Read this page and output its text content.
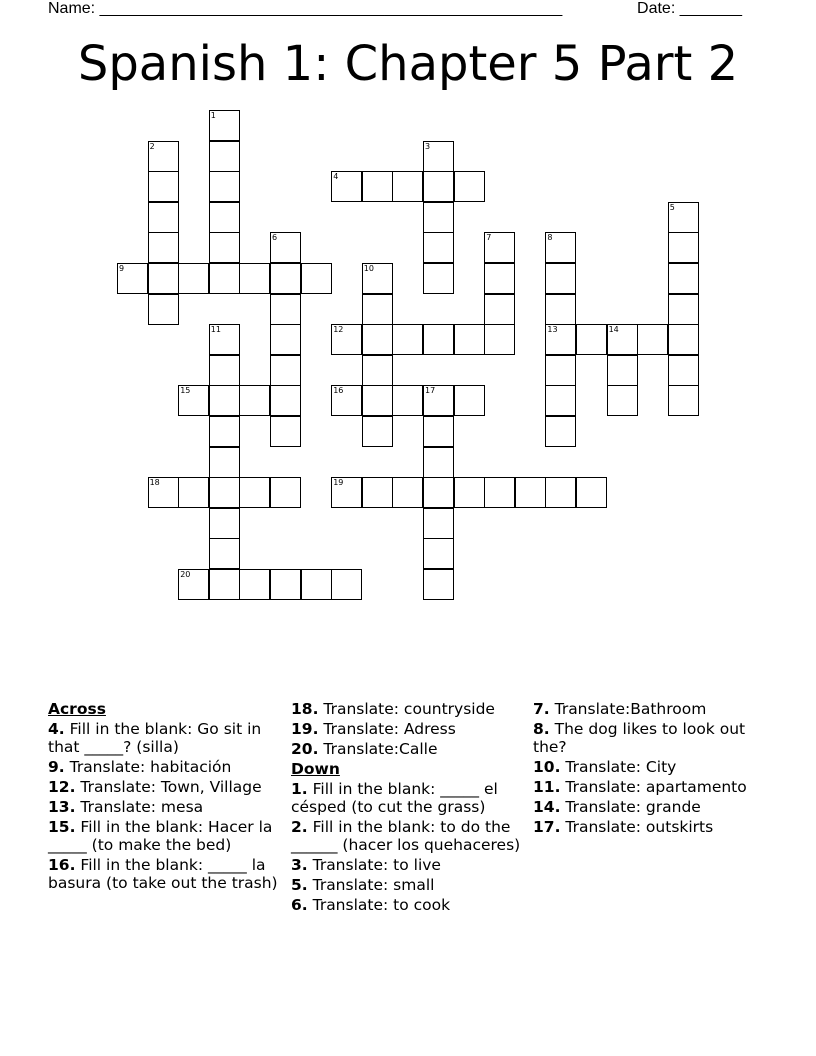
Name: ____________________________________________________	Date: _______
Spanish 1: Chapter 5 Part 2
1
2	3
4
5
6	7	8
13
9	10
11	12	14
15	16	17
18	19
20
Across
4. Fill in the blank: Go sit in that _____? (silla)
9. Translate: habitación
12. Translate: Town, Village
13. Translate: mesa
15. Fill in the blank: Hacer la _____ (to make the bed)
16. Fill in the blank: _____ la basura (to take out the trash)
18. Translate: countryside
19. Translate: Adress
20. Translate:Calle
Down
1. Fill in the blank: _____ el césped (to cut the grass)
2. Fill in the blank: to do the ______ (hacer los quehaceres)
3. Translate: to live
5. Translate: small
6. Translate: to cook
7. Translate:Bathroom
8. The dog likes to look out the?
10. Translate: City
11. Translate: apartamento
14. Translate: grande
17. Translate: outskirts
